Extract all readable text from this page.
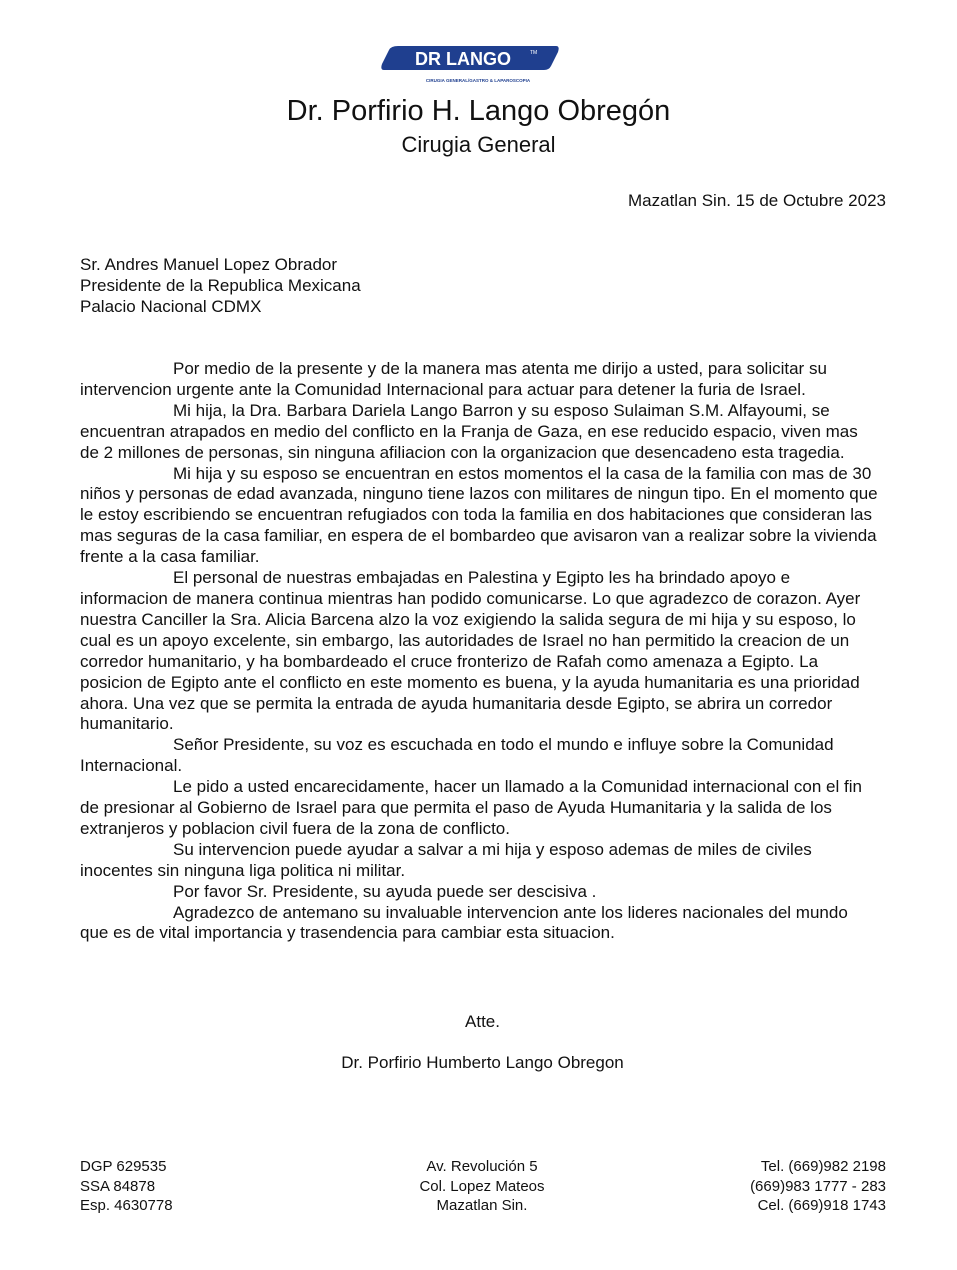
DR LANGO	TM
CIRUGIA GENERAL/GASTRO & LAPAROSCOPIA
Dr. Porfirio H. Lango Obregón
Cirugia General
Mazatlan Sin. 15 de Octubre 2023
Sr. Andres Manuel Lopez Obrador
Presidente de la Republica Mexicana
Palacio Nacional CDMX

Por medio de la presente y de la manera mas atenta me dirijo a usted, para solicitar su intervencion urgente ante la Comunidad Internacional para actuar para detener la furia de Israel.

Mi hija, la Dra. Barbara Dariela Lango Barron y su esposo Sulaiman S.M. Alfayoumi, se encuentran atrapados en medio del conflicto en la Franja de Gaza, en ese reducido espacio, viven mas de 2 millones de personas, sin ninguna afiliacion con la organizacion que desencadeno esta tragedia.

Mi hija y su esposo se encuentran en estos momentos el la casa de la familia con mas de 30 niños y personas de edad avanzada, ninguno tiene lazos con militares de ningun tipo. En el momento que le estoy escribiendo se encuentran refugiados con toda la familia en dos habitaciones que consideran las mas seguras de la casa familiar, en espera de el bombardeo que avisaron van a realizar sobre la vivienda frente a la casa familiar.

El personal de nuestras embajadas en Palestina y Egipto les ha brindado apoyo e informacion de manera continua mientras han podido comunicarse. Lo que agradezco de corazon. Ayer nuestra Canciller la Sra. Alicia Barcena alzo la voz exigiendo la salida segura de mi hija y su esposo, lo cual es un apoyo excelente, sin embargo, las autoridades de Israel no han permitido la creacion de un corredor humanitario, y ha bombardeado el cruce fronterizo de Rafah como amenaza a Egipto. La posicion de Egipto ante el conflicto en este momento es buena, y la ayuda humanitaria es una prioridad ahora. Una vez que se permita la entrada de ayuda humanitaria desde Egipto, se abrira un corredor humanitario.

Señor Presidente, su voz es escuchada en todo el mundo e influye sobre la Comunidad Internacional.

Le pido a usted encarecidamente, hacer un llamado a la Comunidad internacional con el fin de presionar al Gobierno de Israel para que permita el paso de Ayuda Humanitaria y la salida de los extranjeros y poblacion civil fuera de la zona de conflicto.

Su intervencion puede ayudar a salvar a mi hija y esposo ademas de miles de civiles inocentes sin ninguna liga politica ni militar.

Por favor Sr. Presidente, su ayuda puede ser descisiva .

Agradezco de antemano su invaluable intervencion ante los lideres nacionales del mundo que es de vital importancia y trasendencia para cambiar esta situacion.

Atte.
Dr. Porfirio Humberto Lango Obregon
DGP 629535
SSA 84878
Esp. 4630778
Av. Revolución 5
Col. Lopez Mateos
Mazatlan Sin.
Tel. (669)982 2198
(669)983 1777 - 283
Cel. (669)918 1743
